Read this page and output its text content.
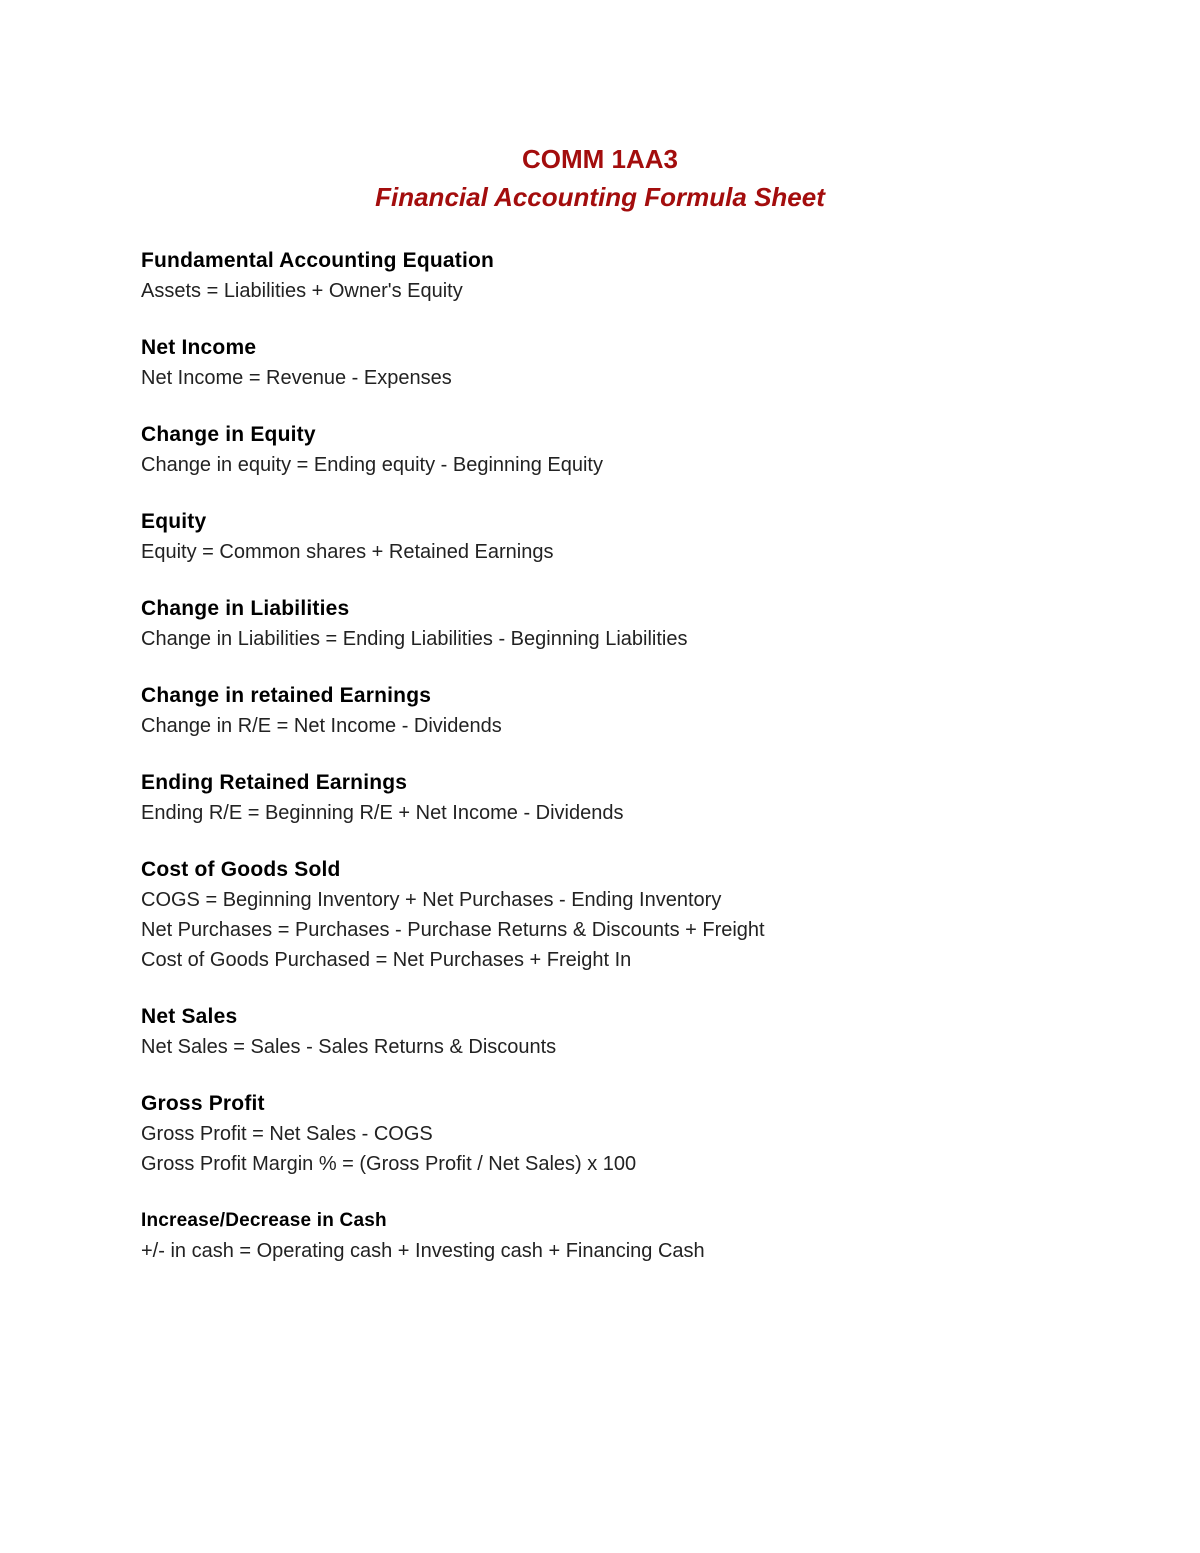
COMM 1AA3
Financial Accounting Formula Sheet
Fundamental Accounting Equation
Assets = Liabilities + Owner's Equity
Net Income
Net Income = Revenue - Expenses
Change in Equity
Change in equity = Ending equity - Beginning Equity
Equity
Equity = Common shares + Retained Earnings
Change in Liabilities
Change in Liabilities = Ending Liabilities - Beginning Liabilities
Change in retained Earnings
Change in R/E = Net Income - Dividends
Ending Retained Earnings
Ending R/E = Beginning R/E + Net Income - Dividends
Cost of Goods Sold
COGS = Beginning Inventory + Net Purchases - Ending Inventory
Net Purchases = Purchases - Purchase Returns & Discounts + Freight
Cost of Goods Purchased = Net Purchases + Freight In
Net Sales
Net Sales = Sales - Sales Returns & Discounts
Gross Profit
Gross Profit = Net Sales - COGS
Gross Profit Margin % = (Gross Profit / Net Sales) x 100
Increase/Decrease in Cash
+/- in cash = Operating cash + Investing cash + Financing Cash
